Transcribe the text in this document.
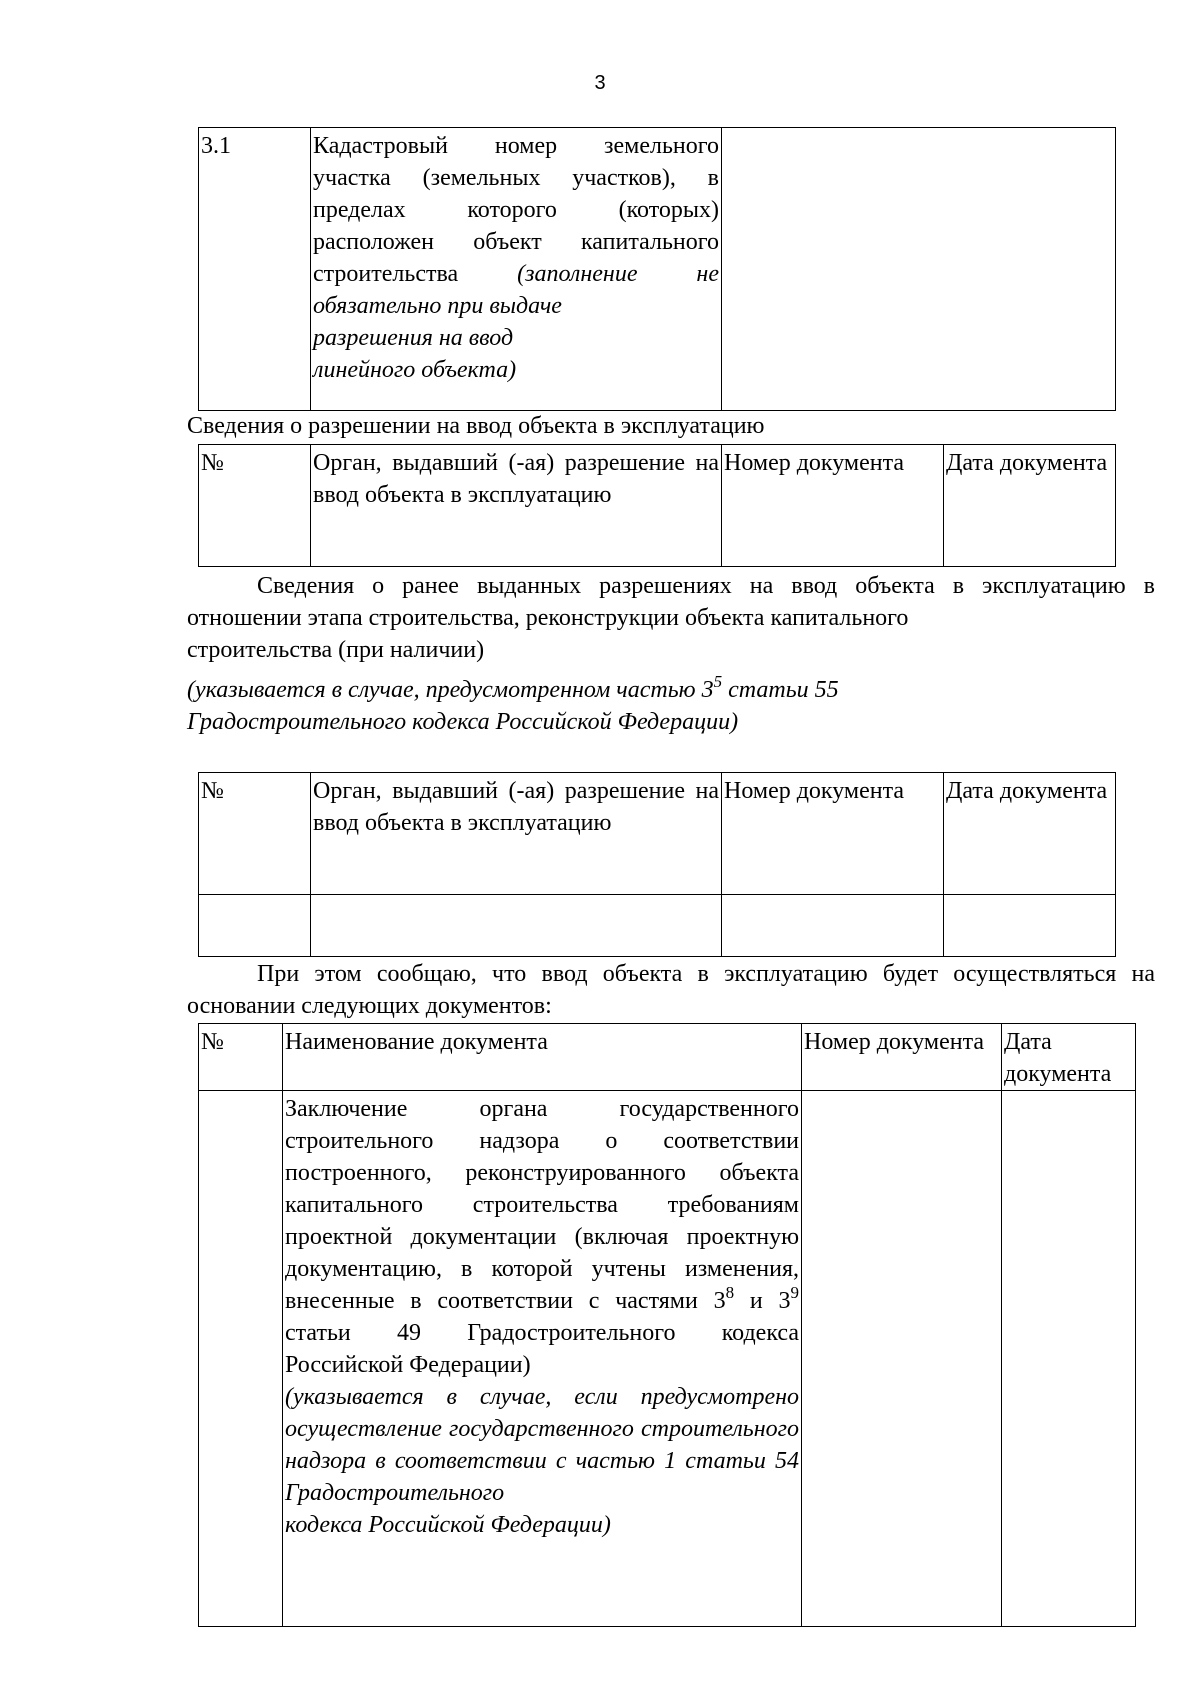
3
3.1	Кадастровый номер земельного участка (земельных участков), в пределах которого (которых) расположен объект капитального строительства (заполнение не обязательно при выдаче
разрешения на ввод
линейного объекта)

Сведения о разрешении на ввод объекта в эксплуатацию
№	Орган, выдавший (-ая) разрешение на ввод объекта в эксплуатацию	Номер документа	Дата документа
Сведения о ранее выданных разрешениях на ввод объекта в эксплуатацию в отношении этапа строительства, реконструкции объекта капитального
строительства (при наличии)
(указывается в случае, предусмотренном частью $3^5$ статьи 55
Градостроительного кодекса Российской Федерации)
№	Орган, выдавший (-ая) разрешение на ввод объекта в эксплуатацию	Номер документа	Дата документа

При этом сообщаю, что ввод объекта в эксплуатацию будет осуществляться на основании следующих документов:
№	Наименование документа	Номер документа	Дата документа

	Заключение органа государственного строительного надзора о соответствии построенного, реконструированного объекта капитального строительства требованиям проектной документации (включая проектную документацию, в которой учтены изменения, внесенные в соответствии с частями $3^8$ и $3^9$ статьи 49 Градостроительного кодекса Российской Федерации)
(указывается в случае, если предусмотрено осуществление государственного строительного надзора в соответствии с частью 1 статьи 54 Градостроительного
кодекса Российской Федерации)		
